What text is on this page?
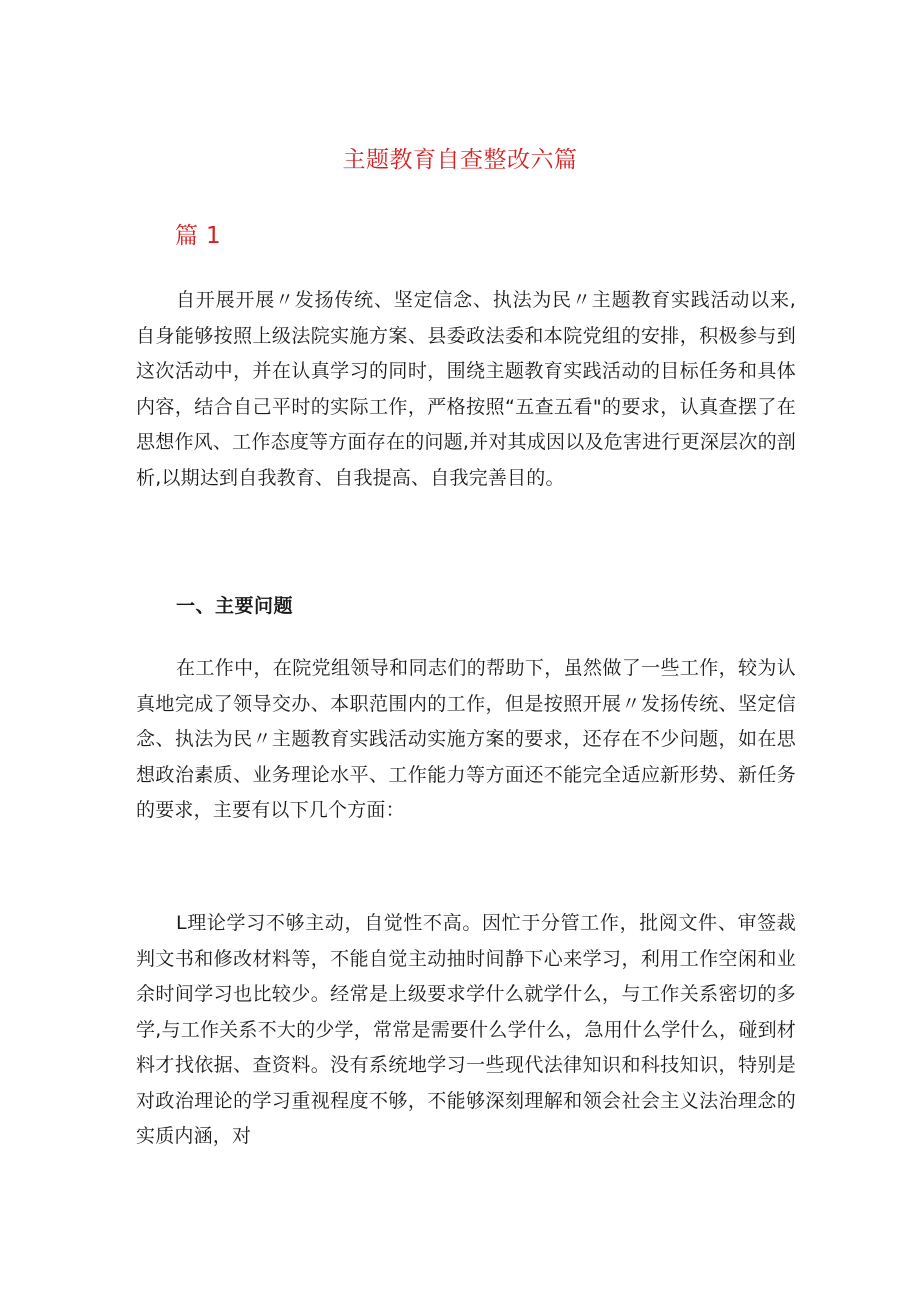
主题教育自查整改六篇
篇 1

自开展开展〃发扬传统、坚定信念、执法为民〃主题教育实践活动以来,自身能够按照上级法院实施方案、县委政法委和本院党组的安排，积极参与到这次活动中，并在认真学习的同时，围绕主题教育实践活动的目标任务和具体内容，结合自己平时的实际工作，严格按照“五查五看"的要求，认真查摆了在思想作风、工作态度等方面存在的问题,并对其成因以及危害进行更深层次的剖析,以期达到自我教育、自我提高、自我完善目的。

一、主要问题

在工作中，在院党组领导和同志们的帮助下，虽然做了一些工作，较为认真地完成了领导交办、本职范围内的工作，但是按照开展〃发扬传统、坚定信念、执法为民〃主题教育实践活动实施方案的要求，还存在不少问题，如在思想政治素质、业务理论水平、工作能力等方面还不能完全适应新形势、新任务的要求，主要有以下几个方面：

L理论学习不够主动，自觉性不高。因忙于分管工作，批阅文件、审签裁判文书和修改材料等，不能自觉主动抽时间静下心来学习，利用工作空闲和业余时间学习也比较少。经常是上级要求学什么就学什么，与工作关系密切的多学,与工作关系不大的少学，常常是需要什么学什么，急用什么学什么，碰到材料才找依据、查资料。没有系统地学习一些现代法律知识和科技知识，特别是对政治理论的学习重视程度不够，不能够深刻理解和领会社会主义法治理念的实质内涵，对
